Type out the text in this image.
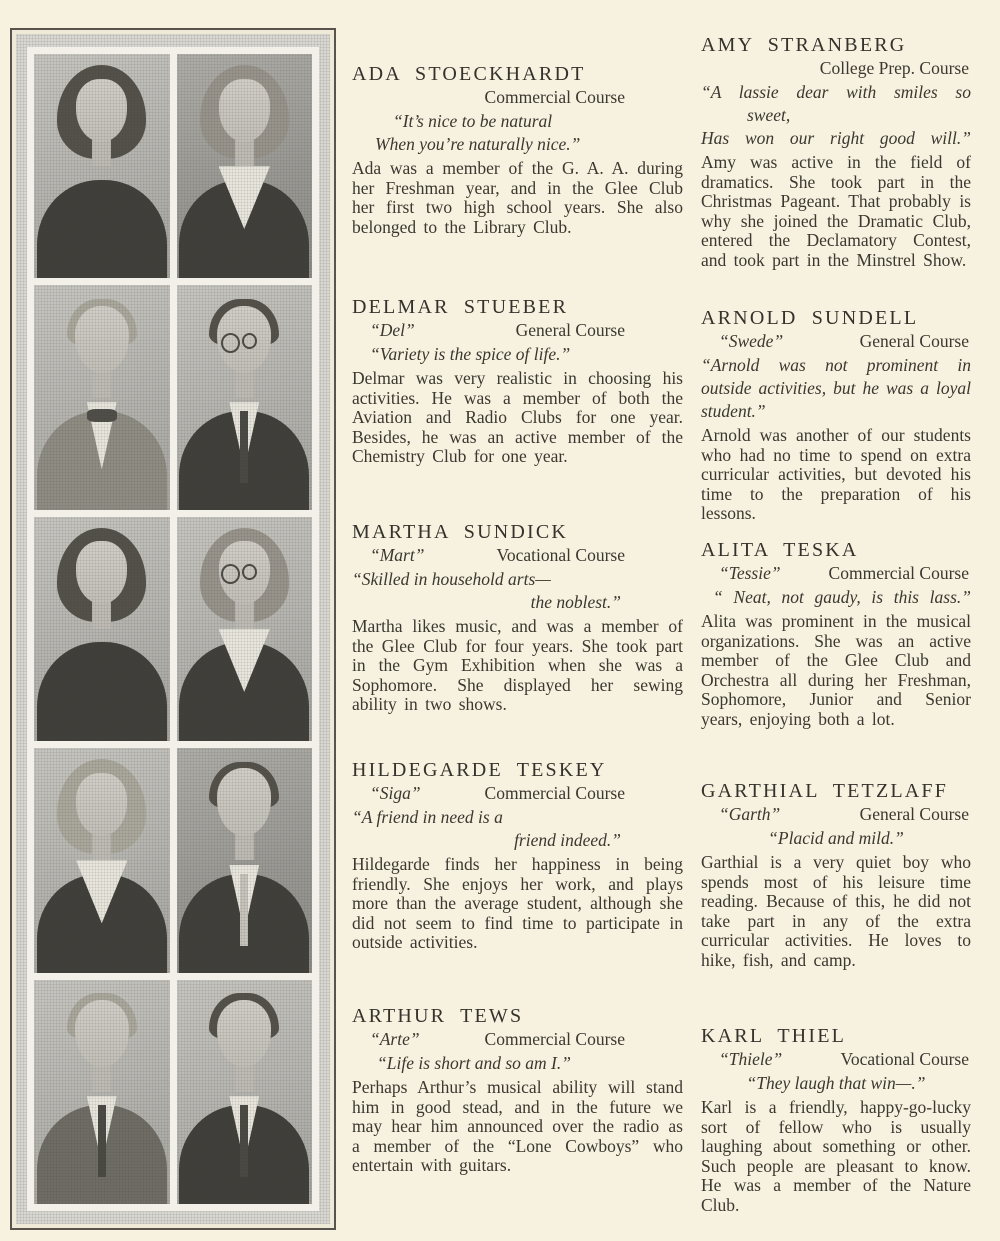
ADA STOECKHARDT
Commercial Course
“It’s nice to be natural
When you’re naturally nice.”

Ada was a member of the G. A. A. during her Freshman year, and in the Glee Club her first two high school years. She also belonged to the Library Club.

DELMAR STUEBER
“Del”	General Course
“Variety is the spice of life.”

Delmar was very realistic in choosing his activities. He was a member of both the Aviation and Radio Clubs for one year. Besides, he was an active member of the Chemistry Club for one year.

MARTHA SUNDICK
“Mart”	Vocational Course
“Skilled in household arts—
the noblest.”

Martha likes music, and was a member of the Glee Club for four years. She took part in the Gym Exhibition when she was a Sophomore. She displayed her sewing ability in two shows.

HILDEGARDE TESKEY
“Siga”	Commercial Course
“A friend in need is a
friend indeed.”

Hildegarde finds her happiness in being friendly. She enjoys her work, and plays more than the average student, although she did not seem to find time to participate in outside activities.

ARTHUR TEWS
“Arte”	Commercial Course
“Life is short and so am I.”

Perhaps Arthur’s musical ability will stand him in good stead, and in the future we may hear him announced over the radio as a member of the “Lone Cowboys” who entertain with guitars.

AMY STRANBERG
College Prep. Course
“A lassie dear with smiles so
sweet,
Has won our right good will.”

Amy was active in the field of dramatics. She took part in the Christmas Pageant. That probably is why she joined the Dramatic Club, entered the Declamatory Contest, and took part in the Minstrel Show.

ARNOLD SUNDELL
“Swede”	General Course
“Arnold was not prominent in outside activities, but he was a loyal student.”

Arnold was another of our students who had no time to spend on extra curricular activities, but devoted his time to the preparation of his lessons.

ALITA TESKA
“Tessie”	Commercial Course
“ Neat, not gaudy, is this lass.”

Alita was prominent in the musical organizations. She was an active member of the Glee Club and Orchestra all during her Freshman, Sophomore, Junior and Senior years, enjoying both a lot.

GARTHIAL TETZLAFF
“Garth”	General Course
“Placid and mild.”

Garthial is a very quiet boy who spends most of his leisure time reading. Because of this, he did not take part in any of the extra curricular activities. He loves to hike, fish, and camp.

KARL THIEL
“Thiele”	Vocational Course
“They laugh that win—.”

Karl is a friendly, happy-go-lucky sort of fellow who is usually laughing about something or other. Such people are pleasant to know. He was a member of the Nature Club.
